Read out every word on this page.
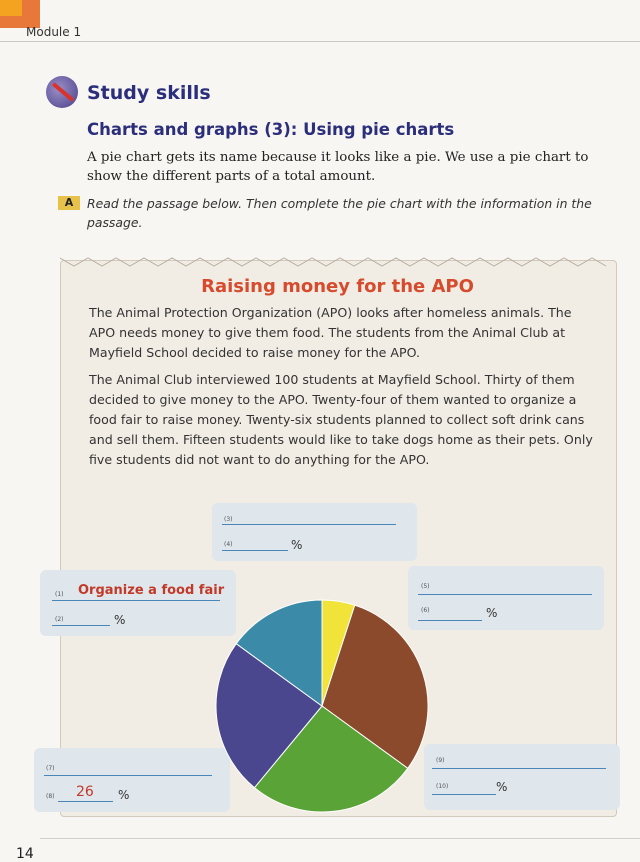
Module 1
Study skills
Charts and graphs (3): Using pie charts
A pie chart gets its name because it looks like a pie. We use a pie chart to show the different parts of a total amount.
A	Read the passage below. Then complete the pie chart with the information in the passage.
Raising money for the APO
The Animal Protection Organization (APO) looks after homeless animals. The APO needs money to give them food. The students from the Animal Club at Mayfield School decided to raise money for the APO.
The Animal Club interviewed 100 students at Mayfield School. Thirty of them decided to give money to the APO. Twenty-four of them wanted to organize a food fair to raise money. Twenty-six students planned to collect soft drink cans and sell them. Fifteen students would like to take dogs home as their pets. Only five students did not want to do anything for the APO.
(3)
(4)	%
(1) Organize a food fair
(2)	%
(5)
(6)	%
(7)
(8) 26 %
(9)
(10)	%
14
